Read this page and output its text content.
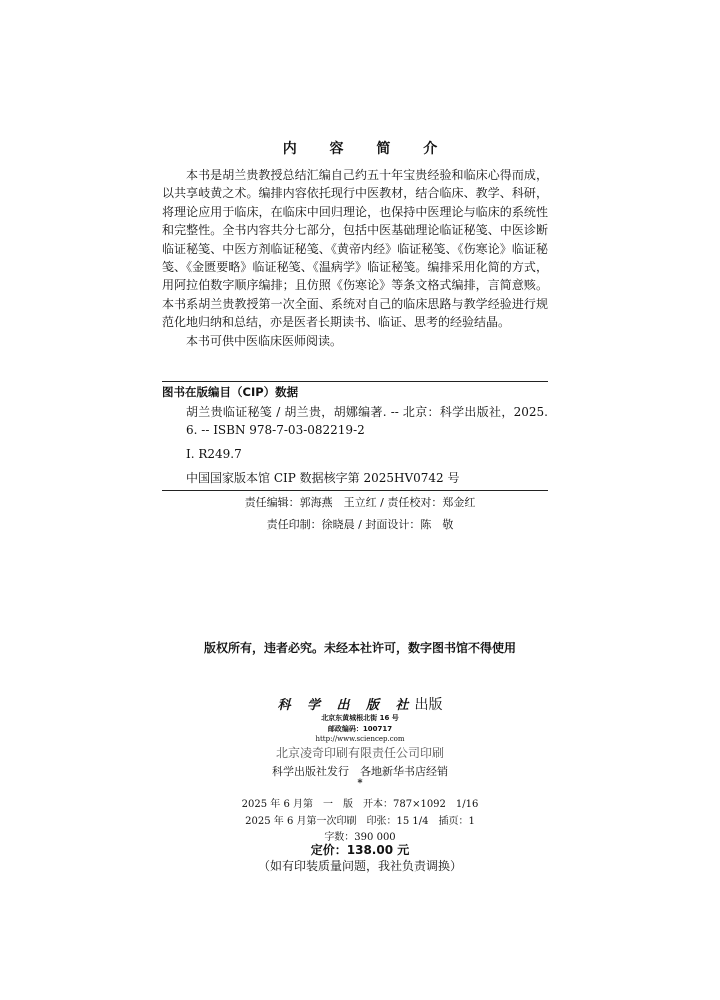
内 容 简 介

本书是胡兰贵教授总结汇编自己约五十年宝贵经验和临床心得而成，以共享岐黄之术。编排内容依托现行中医教材，结合临床、教学、科研，将理论应用于临床，在临床中回归理论，也保持中医理论与临床的系统性和完整性。全书内容共分七部分，包括中医基础理论临证秘笺、中医诊断临证秘笺、中医方剂临证秘笺、《黄帝内经》临证秘笺、《伤寒论》临证秘笺、《金匮要略》临证秘笺、《温病学》临证秘笺。编排采用化简的方式，用阿拉伯数字顺序编排；且仿照《伤寒论》等条文格式编排，言简意赅。本书系胡兰贵教授第一次全面、系统对自己的临床思路与教学经验进行规范化地归纳和总结，亦是医者长期读书、临证、思考的经验结晶。

本书可供中医临床医师阅读。

图书在版编目（CIP）数据
胡兰贵临证秘笺 / 胡兰贵，胡娜编著. -- 北京：科学出版社，2025. 6. -- ISBN 978-7-03-082219-2
Ⅰ. R249.7
中国国家版本馆 CIP 数据核字第 2025HV0742 号
责任编辑：郭海燕　王立红 / 责任校对：郑金红
责任印制：徐晓晨 / 封面设计：陈　敬
版权所有，违者必究。未经本社许可，数字图书馆不得使用
科 学 出 版 社出版
北京东黄城根北街 16 号
邮政编码：100717
http://www.sciencep.com
北京凌奇印刷有限责任公司印刷
科学出版社发行　各地新华书店经销
*
2025 年 6 月第　一　版　开本：787×1092　1/16
2025 年 6 月第一次印刷　印张：15 1/4　插页：1
字数：390 000
定价：138.00 元
（如有印装质量问题，我社负责调换）
